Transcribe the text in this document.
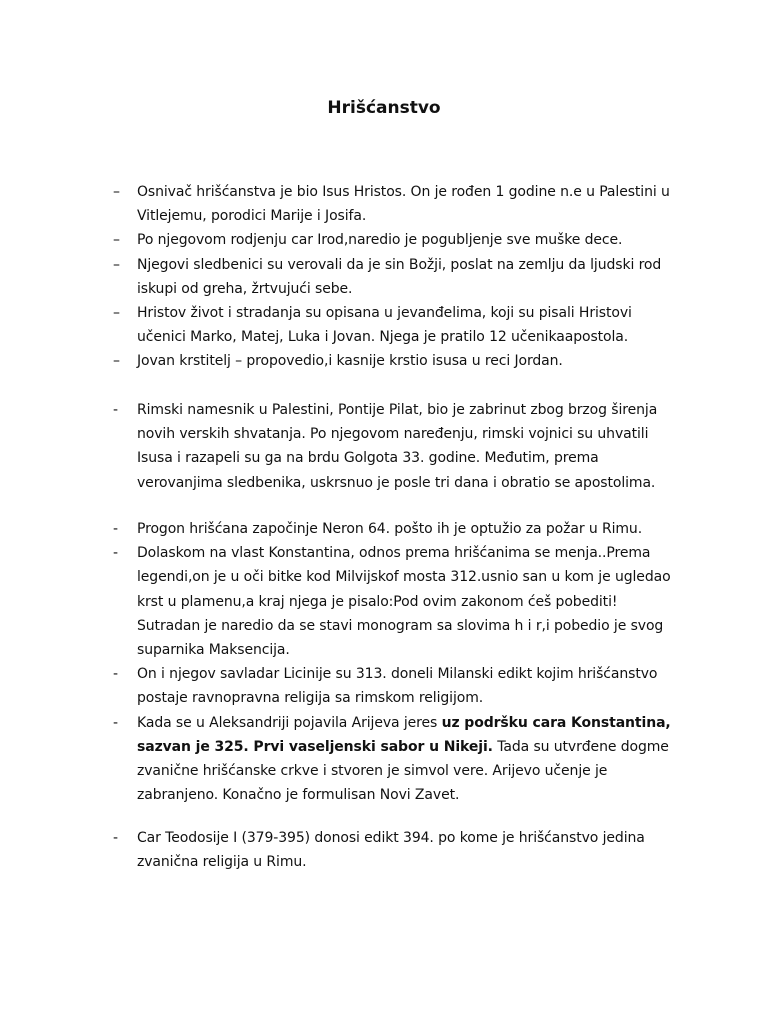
Hrišćanstvo
– Osnivač hrišćanstva je bio Isus Hristos. On je rođen 1 godine n.e u Palestini u Vitlejemu, porodici Marije i Josifa.
– Po njegovom rodjenju car Irod,naredio je pogubljenje sve muške dece.
– Njegovi sledbenici su verovali da je sin Božji, poslat na zemlju da ljudski rod iskupi od greha, žrtvujući sebe.
– Hristov život i stradanja su opisana u jevanđelima, koji su pisali Hristovi učenici Marko, Matej, Luka i Jovan. Njega je pratilo 12 učenikaapostola.
– Jovan krstitelj – propovedio,i kasnije krstio isusa u reci Jordan.
- Rimski namesnik u Palestini, Pontije Pilat, bio je zabrinut zbog brzog širenja novih verskih shvatanja. Po njegovom naređenju, rimski vojnici su uhvatili Isusa i razapeli su ga na brdu Golgota 33. godine. Međutim, prema verovanjima sledbenika, uskrsnuo je posle tri dana i obratio se apostolima.
- Progon hrišćana započinje Neron 64. pošto ih je optužio za požar u Rimu.
- Dolaskom na vlast Konstantina, odnos prema hrišćanima se menja..Prema legendi,on je u oči bitke kod Milvijskof mosta 312.usnio san u kom je ugledao krst u plamenu,a kraj njega je pisalo:Pod ovim zakonom ćeš pobediti! Sutradan je naredio da se stavi monogram sa slovima h i r,i pobedio je svog suparnika Maksencija.
- On i njegov savladar Licinije su 313. doneli Milanski edikt kojim hrišćanstvo postaje ravnopravna religija sa rimskom religijom.
- Kada se u Aleksandriji pojavila Arijeva jeres uz podršku cara Konstantina, sazvan je 325. Prvi vaseljenski sabor u Nikeji. Tada su utvrđene dogme zvanične hrišćanske crkve i stvoren je simvol vere. Arijevo učenje je zabranjeno. Konačno je formulisan Novi Zavet.
- Car Teodosije I (379-395) donosi edikt 394. po kome je hrišćanstvo jedina zvanična religija u Rimu.
